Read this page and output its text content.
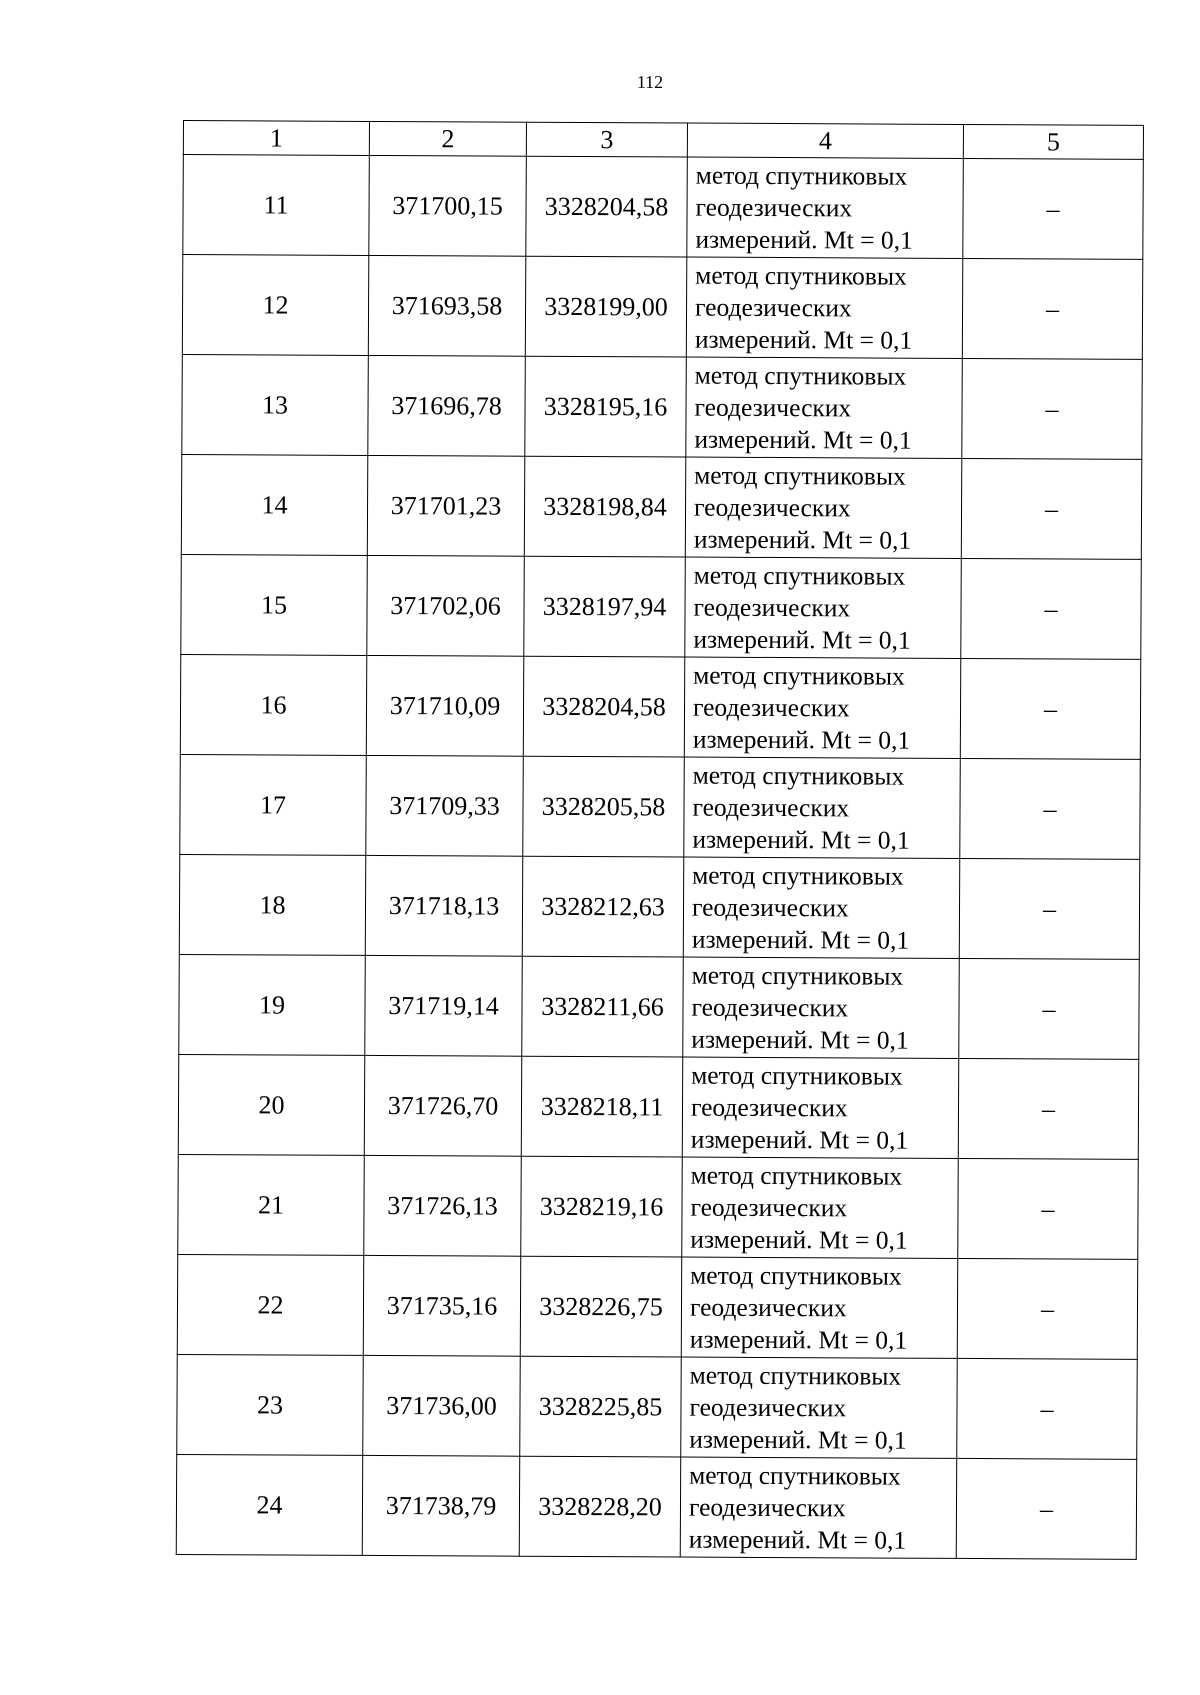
112
1	2	3	4	5
11	371700,15	3328204,58	метод спутниковых
геодезических
измерений. Mt = 0,1	–
12	371693,58	3328199,00	метод спутниковых
геодезических
измерений. Mt = 0,1	–
13	371696,78	3328195,16	метод спутниковых
геодезических
измерений. Mt = 0,1	–
14	371701,23	3328198,84	метод спутниковых
геодезических
измерений. Mt = 0,1	–
15	371702,06	3328197,94	метод спутниковых
геодезических
измерений. Mt = 0,1	–
16	371710,09	3328204,58	метод спутниковых
геодезических
измерений. Mt = 0,1	–
17	371709,33	3328205,58	метод спутниковых
геодезических
измерений. Mt = 0,1	–
18	371718,13	3328212,63	метод спутниковых
геодезических
измерений. Mt = 0,1	–
19	371719,14	3328211,66	метод спутниковых
геодезических
измерений. Mt = 0,1	–
20	371726,70	3328218,11	метод спутниковых
геодезических
измерений. Mt = 0,1	–
21	371726,13	3328219,16	метод спутниковых
геодезических
измерений. Mt = 0,1	–
22	371735,16	3328226,75	метод спутниковых
геодезических
измерений. Mt = 0,1	–
23	371736,00	3328225,85	метод спутниковых
геодезических
измерений. Mt = 0,1	–
24	371738,79	3328228,20	метод спутниковых
геодезических
измерений. Mt = 0,1	–
